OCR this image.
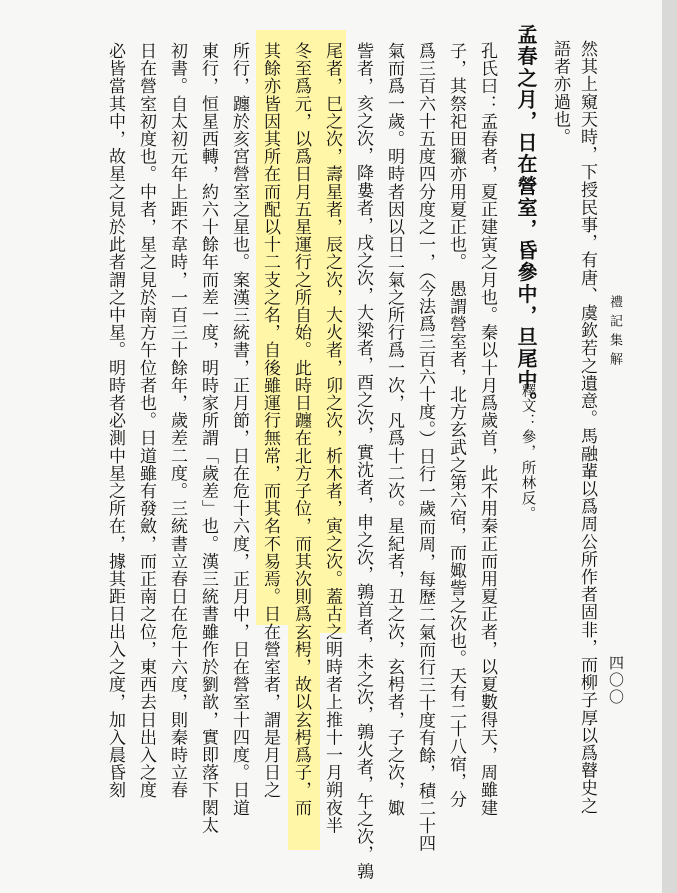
禮記集解
四〇〇
然其上窺天時，下授民事，有唐、虞欽若之遺意。馬融輩以爲周公所作者固非，而柳子厚以爲瞽史之
語者亦過也。
孟春之月，日在營室，昏參中，旦尾中。
釋文：參，所林反。
孔氏曰：孟春者，夏正建寅之月也。秦以十月爲歲首，此不用秦正而用夏正者，以夏數得天，周雖建
子，其祭祀田獵亦用夏正也。　愚謂營室者，北方玄武之第六宿，而娵訾之次也。天有二十八宿，分
爲三百六十五度四分度之一，（今法爲三百六十度。）日行一歲而周，每歷二氣而行三十度有餘，積二十四
氣而爲一歲。明時者因以日二氣之所行爲一次，凡爲十二次。星紀者，丑之次，玄枵者，子之次，娵
訾者，亥之次，降婁者，戌之次，大梁者，酉之次，實沈者，申之次，鶉首者，未之次，鶉火者，午之次，鶉
尾者，巳之次，壽星者，辰之次，大火者，卯之次，析木者，寅之次。蓋古之明時者上推十一月朔夜半
冬至爲元，以爲日月五星運行之所自始。此時日躔在北方子位，而其次則爲玄枵，故以玄枵爲子，而
其餘亦皆因其所在而配以十二支之名，自後雖運行無常，而其名不易焉。日在營室者，謂是月日之
所行，躔於亥宮營室之星也。案漢三統書，正月節，日在危十六度，正月中，日在營室十四度。日道
東行，恒星西轉，約六十餘年而差一度，明時家所謂「歲差」也。漢三統書雖作於劉歆，實即落下閎太
初書。自太初元年上距不韋時，一百三十餘年，歲差二度。三統書立春日在危十六度，則秦時立春
日在營室初度也。中者，星之見於南方午位者也。日道雖有發斂，而正南之位，東西去日出入之度
必皆當其中，故星之見於此者謂之中星。明時者必測中星之所在，據其距日出入之度，加入晨昏刻
